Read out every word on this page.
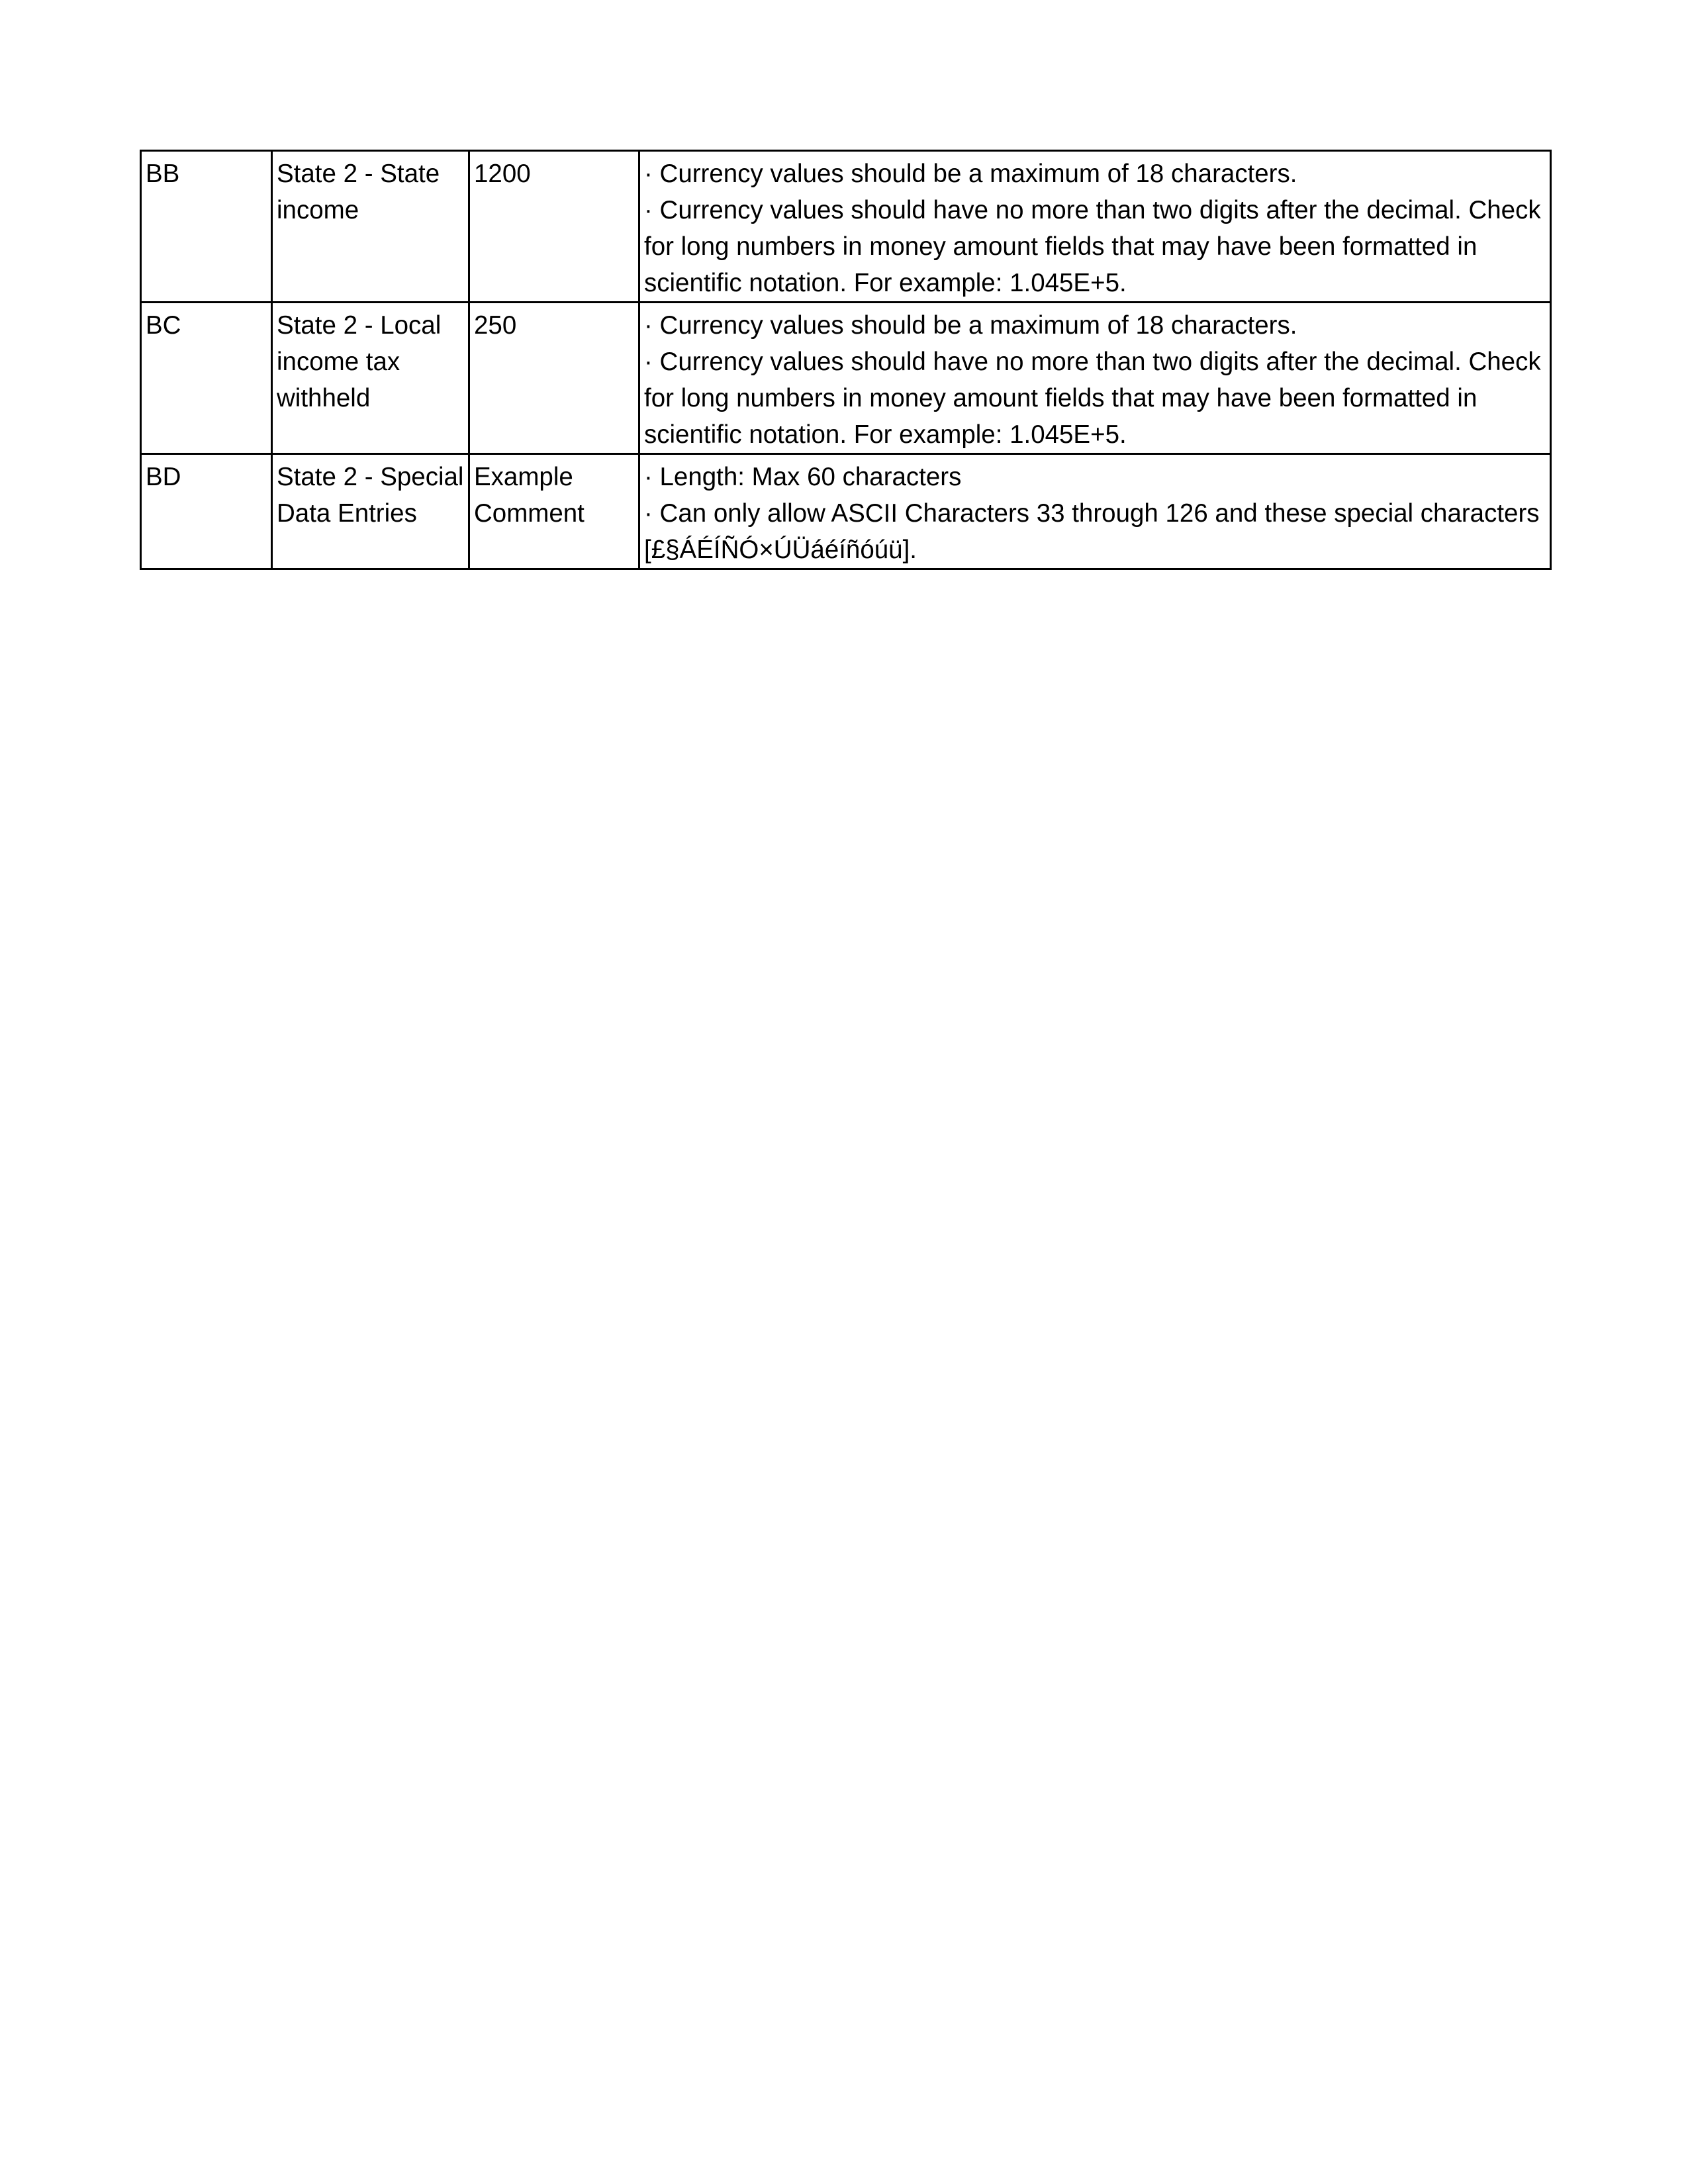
BB	State 2 - State income	1200	· Currency values should be a maximum of 18 characters.
· Currency values should have no more than two digits after the decimal. Check for long numbers in money amount fields that may have been formatted in scientific notation. For example: 1.045E+5.

BC	State 2 - Local income tax withheld	250	· Currency values should be a maximum of 18 characters.
· Currency values should have no more than two digits after the decimal. Check for long numbers in money amount fields that may have been formatted in scientific notation. For example: 1.045E+5.

BD	State 2 - Special Data Entries	Example Comment	· Length: Max 60 characters
· Can only allow ASCII Characters 33 through 126 and these special characters [£§ÁÉÍÑÓ×ÚÜáéíñóúü].
